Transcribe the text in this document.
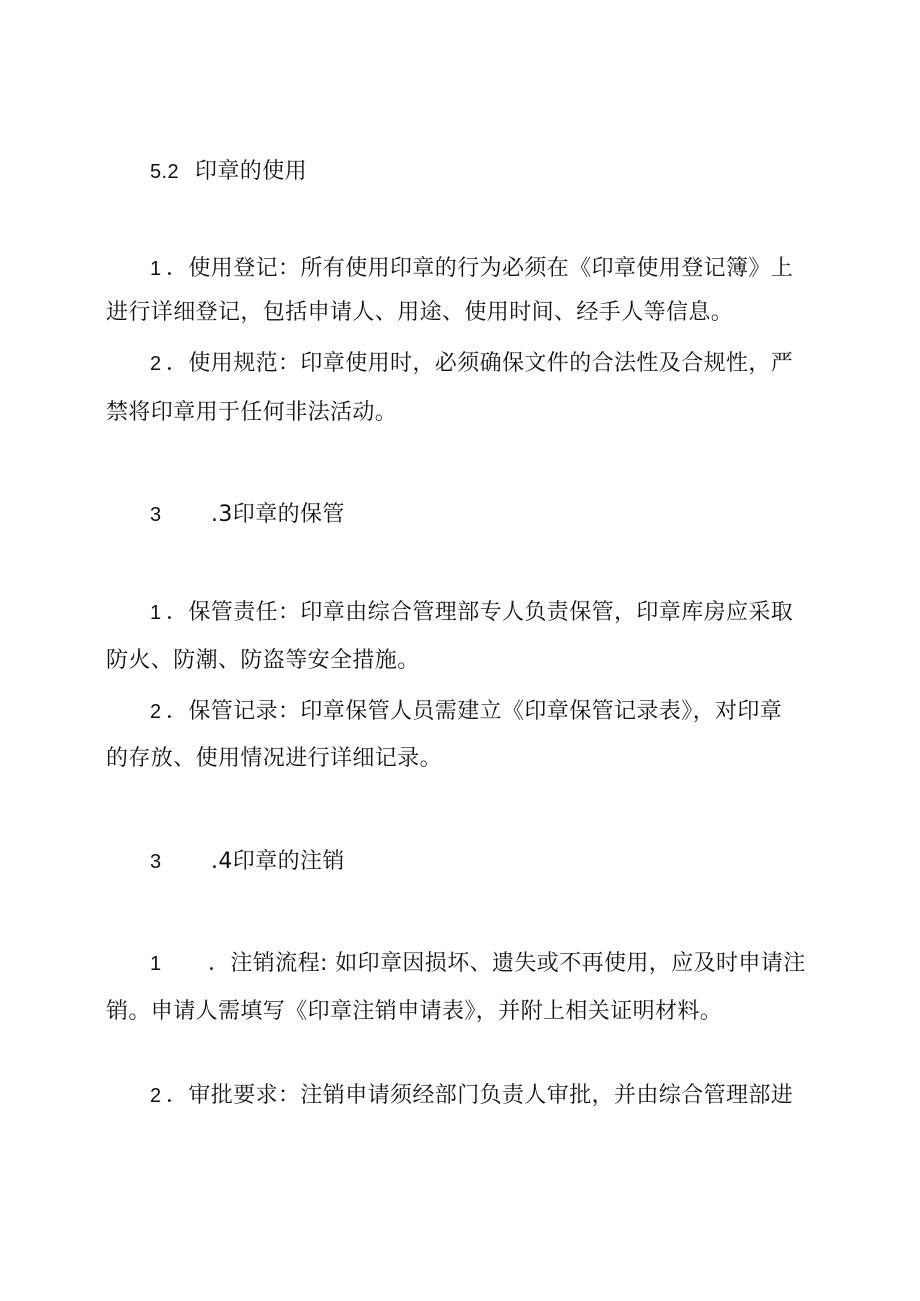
5.2 印章的使用
1 ．使用登记：所有使用印章的行为必须在《印章使用登记簿》上
进行详细登记，包括申请人、用途、使用时间、经手人等信息。
2 ．使用规范：印章使用时，必须确保文件的合法性及合规性，严
禁将印章用于任何非法活动。
3 .3印章的保管
1 ．保管责任：印章由综合管理部专人负责保管，印章库房应采取
防火、防潮、防盗等安全措施。
2 ．保管记录：印章保管人员需建立《印章保管记录表》，对印章
的存放、使用情况进行详细记录。
3 .4印章的注销
1 ．注销流程: 如印章因损坏、遗失或不再使用，应及时申请注
销。申请人需填写《印章注销申请表》，并附上相关证明材料。
2 ．审批要求：注销申请须经部门负责人审批，并由综合管理部进
